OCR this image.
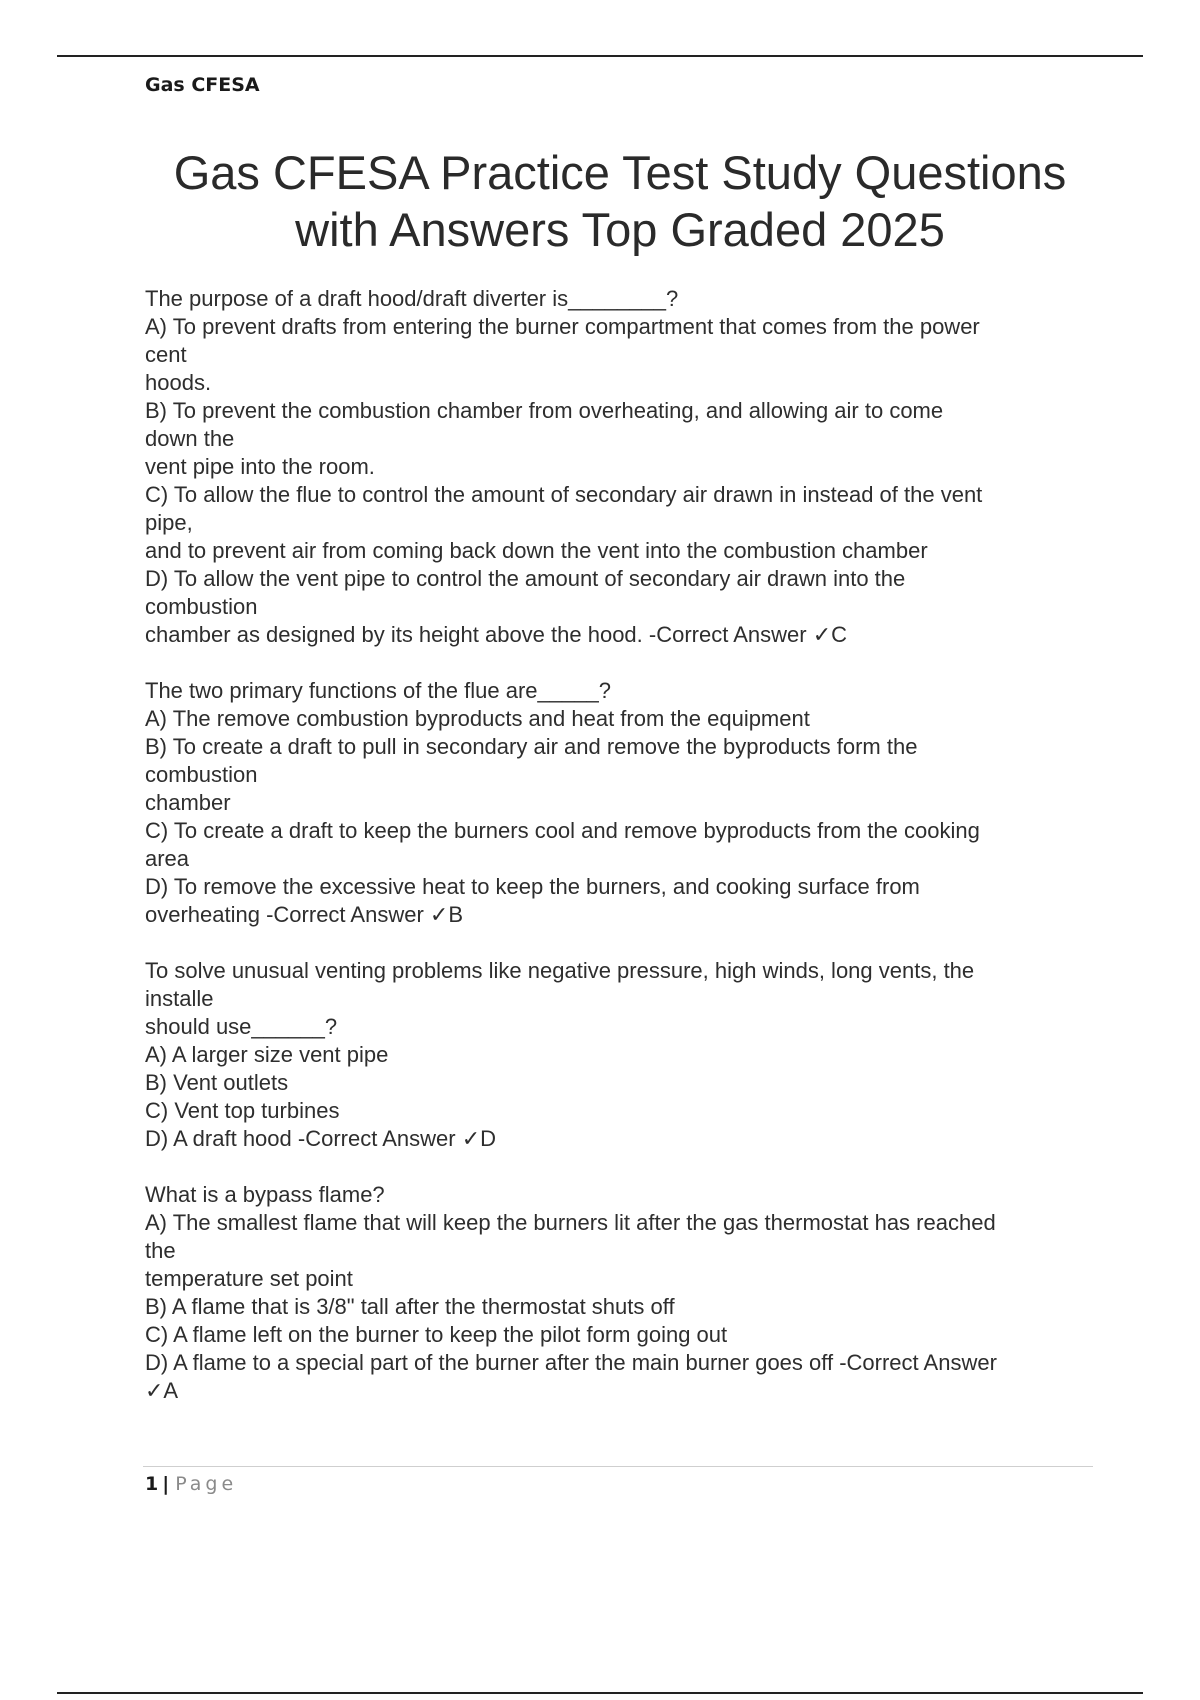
Gas CFESA
Gas CFESA Practice Test Study Questions
with Answers Top Graded 2025
The purpose of a draft hood/draft diverter is________?
A) To prevent drafts from entering the burner compartment that comes from the power
cent
hoods.
B) To prevent the combustion chamber from overheating, and allowing air to come
down the
vent pipe into the room.
C) To allow the flue to control the amount of secondary air drawn in instead of the vent
pipe,
and to prevent air from coming back down the vent into the combustion chamber
D) To allow the vent pipe to control the amount of secondary air drawn into the
combustion
chamber as designed by its height above the hood. -Correct Answer ✓C
The two primary functions of the flue are_____?
A) The remove combustion byproducts and heat from the equipment
B) To create a draft to pull in secondary air and remove the byproducts form the
combustion
chamber
C) To create a draft to keep the burners cool and remove byproducts from the cooking
area
D) To remove the excessive heat to keep the burners, and cooking surface from
overheating -Correct Answer ✓B
To solve unusual venting problems like negative pressure, high winds, long vents, the
installe
should use______?
A) A larger size vent pipe
B) Vent outlets
C) Vent top turbines
D) A draft hood -Correct Answer ✓D
What is a bypass flame?
A) The smallest flame that will keep the burners lit after the gas thermostat has reached
the
temperature set point
B) A flame that is 3/8" tall after the thermostat shuts off
C) A flame left on the burner to keep the pilot form going out
D) A flame to a special part of the burner after the main burner goes off -Correct Answer
✓A
1 | Page
